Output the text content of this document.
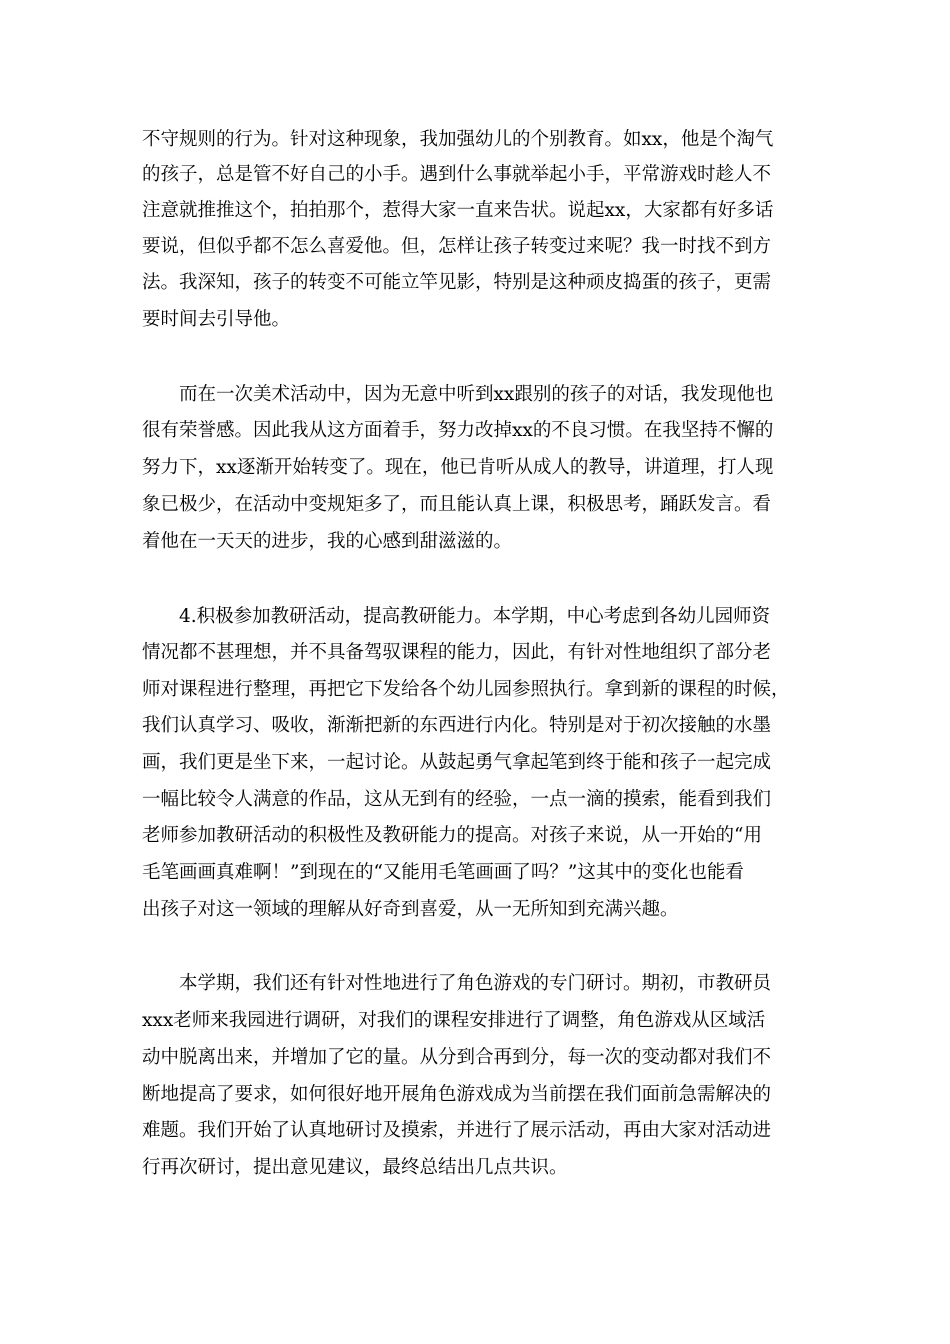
不守规则的行为。针对这种现象，我加强幼儿的个别教育。如xx，他是个淘气
的孩子，总是管不好自己的小手。遇到什么事就举起小手，平常游戏时趁人不
注意就推推这个，拍拍那个，惹得大家一直来告状。说起xx，大家都有好多话
要说，但似乎都不怎么喜爱他。但，怎样让孩子转变过来呢？我一时找不到方
法。我深知，孩子的转变不可能立竿见影，特别是这种顽皮捣蛋的孩子，更需
要时间去引导他。
而在一次美术活动中，因为无意中听到xx跟别的孩子的对话，我发现他也
很有荣誉感。因此我从这方面着手，努力改掉xx的不良习惯。在我坚持不懈的
努力下，xx逐渐开始转变了。现在，他已肯听从成人的教导，讲道理，打人现
象已极少，在活动中变规矩多了，而且能认真上课，积极思考，踊跃发言。看
着他在一天天的进步，我的心感到甜滋滋的。
4.积极参加教研活动，提高教研能力。本学期，中心考虑到各幼儿园师资
情况都不甚理想，并不具备驾驭课程的能力，因此，有针对性地组织了部分老
师对课程进行整理，再把它下发给各个幼儿园参照执行。拿到新的课程的时候，
我们认真学习、吸收，渐渐把新的东西进行内化。特别是对于初次接触的水墨
画，我们更是坐下来，一起讨论。从鼓起勇气拿起笔到终于能和孩子一起完成
一幅比较令人满意的作品，这从无到有的经验，一点一滴的摸索，能看到我们
老师参加教研活动的积极性及教研能力的提高。对孩子来说，从一开始的“用
毛笔画画真难啊！”到现在的“又能用毛笔画画了吗？”这其中的变化也能看
出孩子对这一领域的理解从好奇到喜爱，从一无所知到充满兴趣。
本学期，我们还有针对性地进行了角色游戏的专门研讨。期初，市教研员
xxx老师来我园进行调研，对我们的课程安排进行了调整，角色游戏从区域活
动中脱离出来，并增加了它的量。从分到合再到分，每一次的变动都对我们不
断地提高了要求，如何很好地开展角色游戏成为当前摆在我们面前急需解决的
难题。我们开始了认真地研讨及摸索，并进行了展示活动，再由大家对活动进
行再次研讨，提出意见建议，最终总结出几点共识。
